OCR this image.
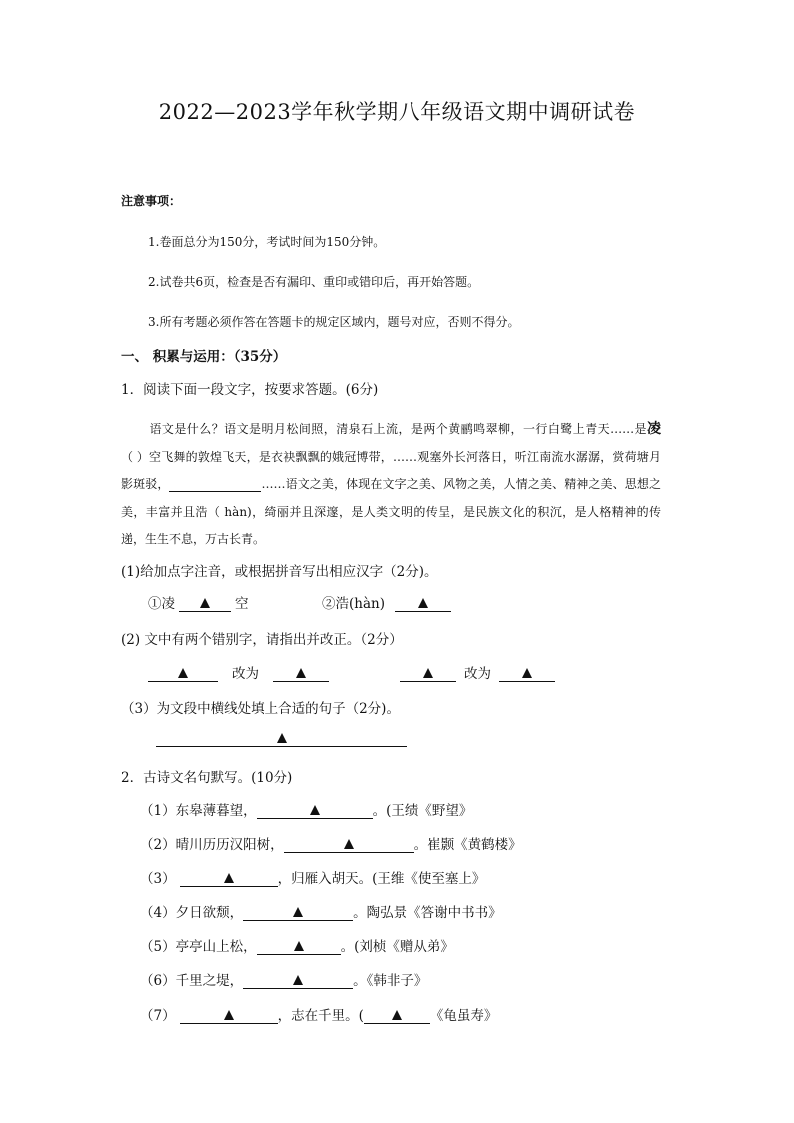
2022—2023学年秋学期八年级语文期中调研试卷
注意事项：
1.卷面总分为150分，考试时间为150分钟。
2.试卷共6页，检查是否有漏印、重印或错印后，再开始答题。
3.所有考题必须作答在答题卡的规定区域内，题号对应，否则不得分。
一、 积累与运用：（35分）
1．阅读下面一段文字，按要求答题。(6分)
语文是什么？语文是明月松间照，清泉石上流，是两个黄鹂鸣翠柳，一行白鹭上青天……是凌（ ）空飞舞的敦煌飞天，是衣袂飘飘的娥冠博带，……观塞外长河落日，听江南流水潺潺，赏荷塘月影斑驳，	……语文之美，体现在文字之美、风物之美，人情之美、精神之美、思想之美，丰富并且浩（ hàn)，绮丽并且深邃，是人类文明的传呈，是民族文化的积沉，是人格精神的传递，生生不息，万古长青。
(1)给加点字注音，或根据拼音写出相应汉字（2分)。
①凌	空	②浩(hàn)
(2) 文中有两个错别字，请指出并改正。（2分）
改为	改为
（3）为文段中横线处填上合适的句子（2分)。
2．古诗文名句默写。(10分)
（1）东皋薄暮望，	。(王绩《野望》
（2）晴川历历汉阳树，	。崔颢《黄鹤楼》
（3）	，归雁入胡天。(王维《使至塞上》
（4）夕日欲颓，	。陶弘景《答谢中书书》
（5）亭亭山上松，	。(刘桢《赠从弟》
（6）千里之堤，	。《韩非子》
（7）	，志在千里。(	《龟虽寿》
